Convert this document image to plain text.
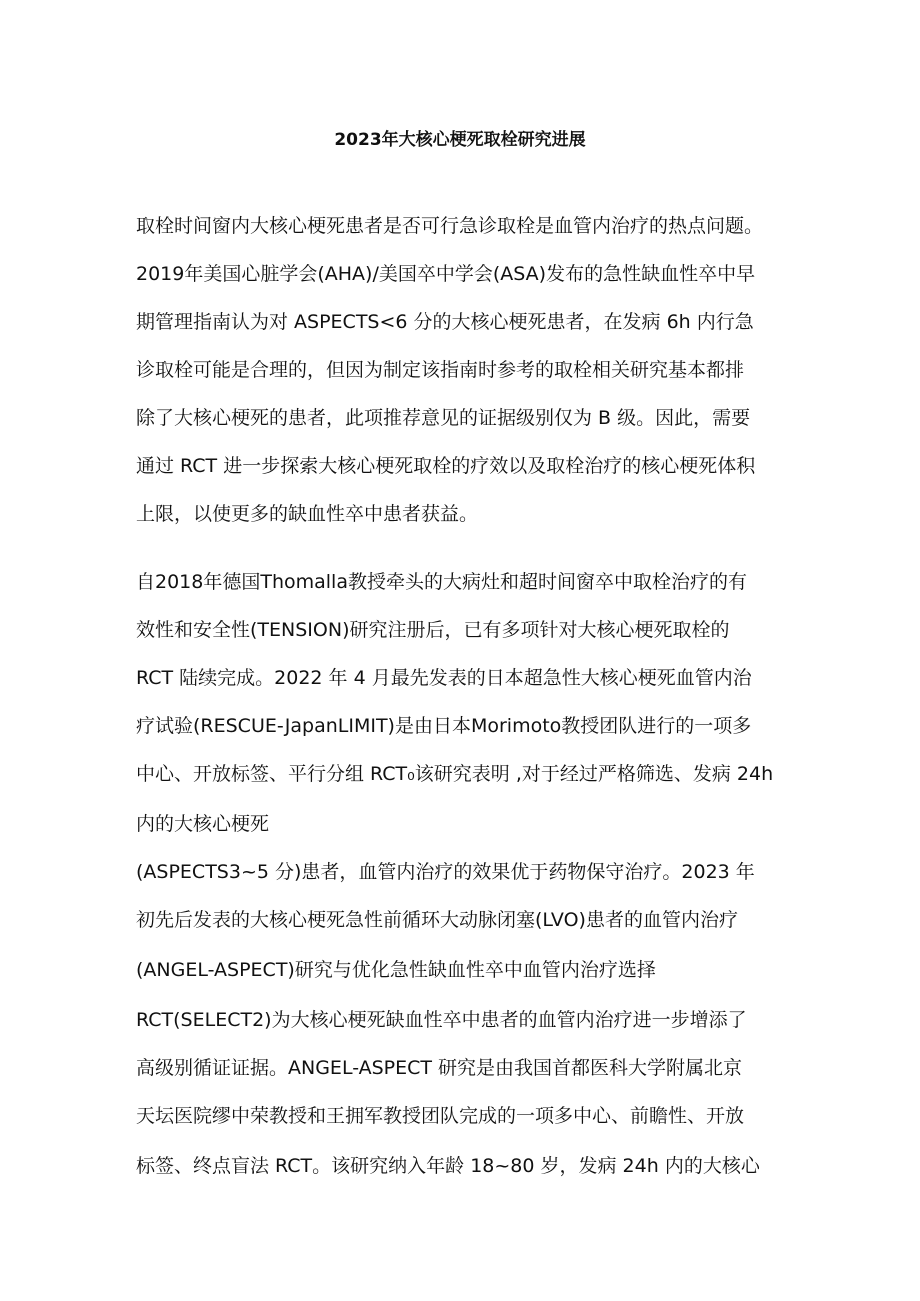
2023年大核心梗死取栓研究进展

取栓时间窗内大核心梗死患者是否可行急诊取栓是血管内治疗的热点问题。

2019年美国心脏学会(AHA)/美国卒中学会(ASA)发布的急性缺血性卒中早

期管理指南认为对 ASPECTS<6 分的大核心梗死患者，在发病 6h 内行急

诊取栓可能是合理的，但因为制定该指南时参考的取栓相关研究基本都排

除了大核心梗死的患者，此项推荐意见的证据级别仅为 B 级。因此，需要

通过 RCT 进一步探索大核心梗死取栓的疗效以及取栓治疗的核心梗死体积

上限，以使更多的缺血性卒中患者获益。

自2018年德国Thomalla教授牵头的大病灶和超时间窗卒中取栓治疗的有

效性和安全性(TENSION)研究注册后，已有多项针对大核心梗死取栓的

RCT 陆续完成。2022 年 4 月最先发表的日本超急性大核心梗死血管内治

疗试验(RESCUE-JapanLIMIT)是由日本Morimoto教授团队进行的一项多

中心、开放标签、平行分组 RCT₀该研究表明 ,对于经过严格筛选、发病 24h

内的大核心梗死

(ASPECTS3~5 分)患者，血管内治疗的效果优于药物保守治疗。2023 年

初先后发表的大核心梗死急性前循环大动脉闭塞(LVO)患者的血管内治疗

(ANGEL-ASPECT)研究与优化急性缺血性卒中血管内治疗选择

RCT(SELECT2)为大核心梗死缺血性卒中患者的血管内治疗进一步增添了

高级别循证证据。ANGEL-ASPECT 研究是由我国首都医科大学附属北京

天坛医院缪中荣教授和王拥军教授团队完成的一项多中心、前瞻性、开放

标签、终点盲法 RCT。该研究纳入年龄 18~80 岁，发病 24h 内的大核心
